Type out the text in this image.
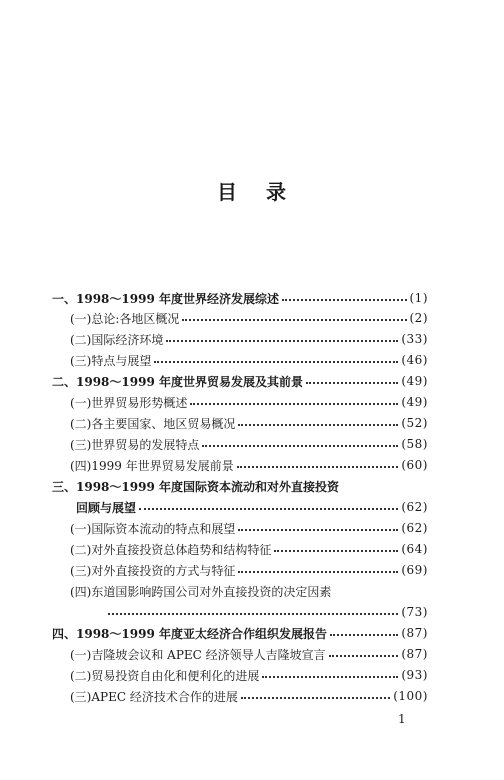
目 录
一、1998～1999 年度世界经济发展综述	(1)
(一)总论:各地区概况	(2)
(二)国际经济环境	(33)
(三)特点与展望	(46)
二、1998～1999 年度世界贸易发展及其前景	(49)
(一)世界贸易形势概述	(49)
(二)各主要国家、地区贸易概况	(52)
(三)世界贸易的发展特点	(58)
(四)1999 年世界贸易发展前景	(60)
三、1998～1999 年度国际资本流动和对外直接投资
回顾与展望	(62)
(一)国际资本流动的特点和展望	(62)
(二)对外直接投资总体趋势和结构特征	(64)
(三)对外直接投资的方式与特征	(69)
(四)东道国影响跨国公司对外直接投资的决定因素
(73)
四、1998～1999 年度亚太经济合作组织发展报告	(87)
(一)吉隆坡会议和 APEC 经济领导人吉隆坡宣言	(87)
(二)贸易投资自由化和便利化的进展	(93)
(三)APEC 经济技术合作的进展	(100)
1
